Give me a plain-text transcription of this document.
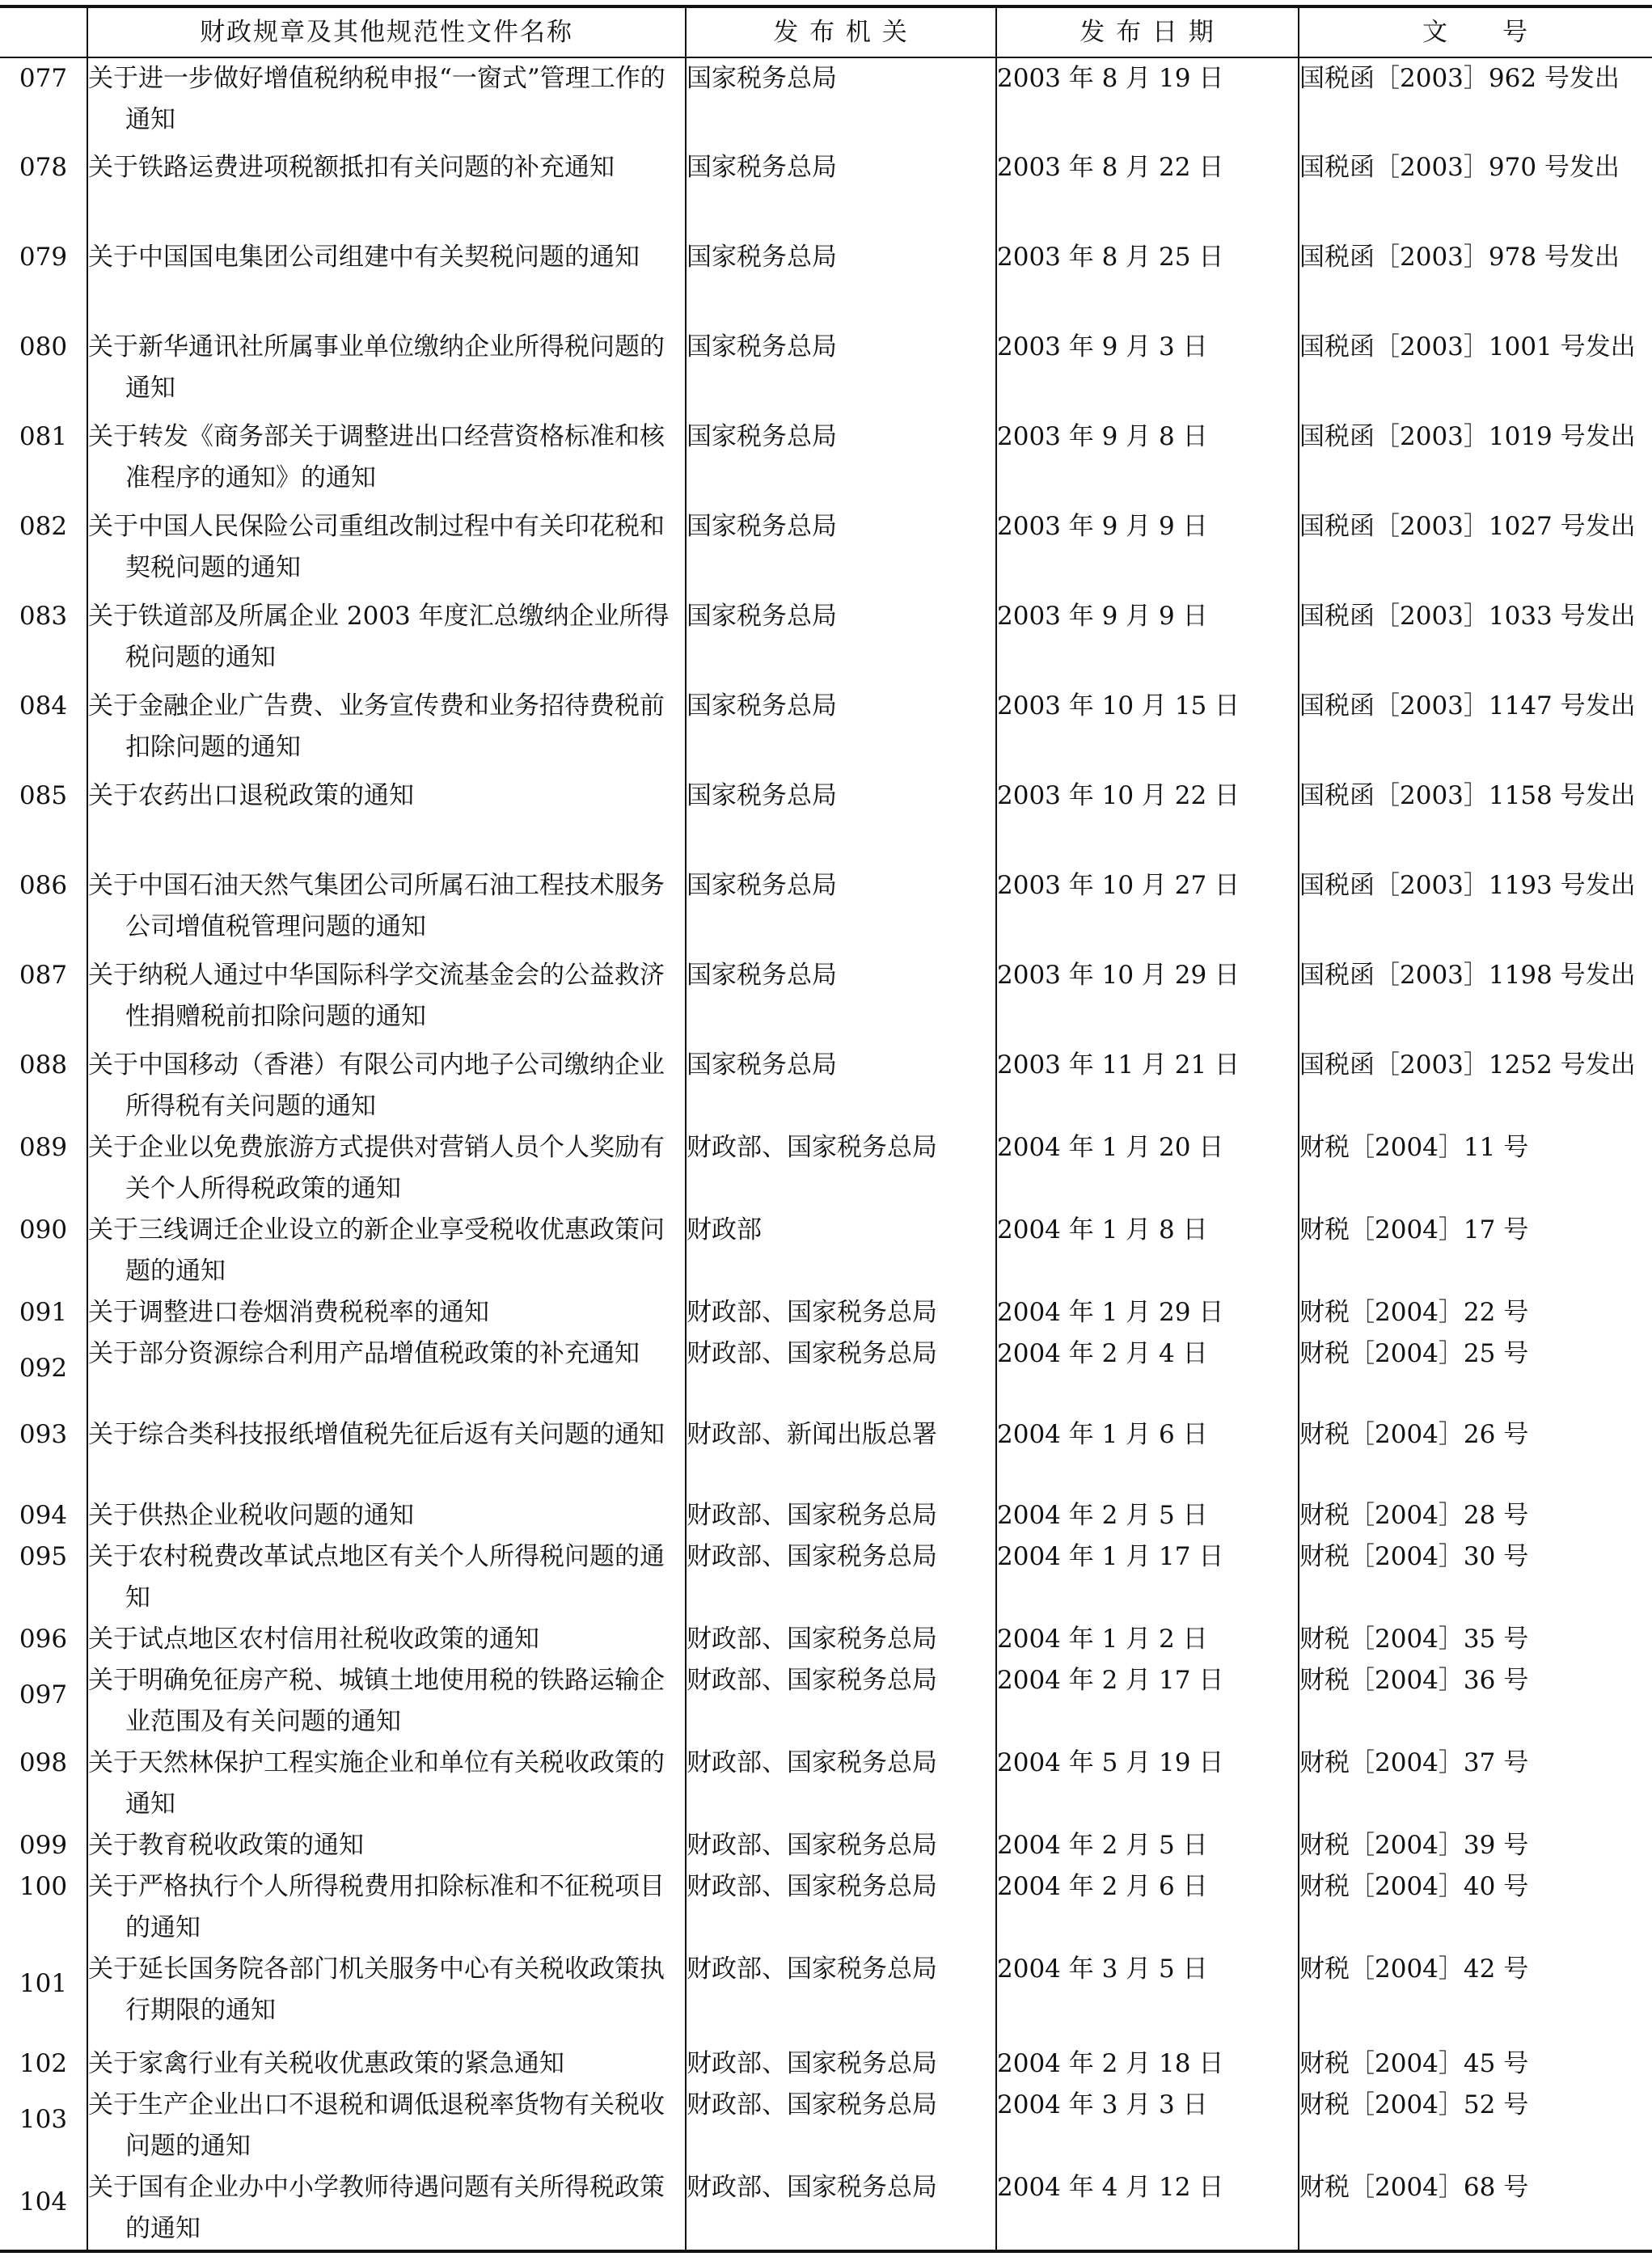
	财政规章及其他规范性文件名称	发 布 机 关	发 布 日 期	文　　号
077	关于进一步做好增值税纳税申报“一窗式”管理工作的通知	国家税务总局	2003 年 8 月 19 日	国税函［2003］962 号发出

078	关于铁路运费进项税额抵扣有关问题的补充通知	国家税务总局	2003 年 8 月 22 日	国税函［2003］970 号发出

079	关于中国国电集团公司组建中有关契税问题的通知	国家税务总局	2003 年 8 月 25 日	国税函［2003］978 号发出

080	关于新华通讯社所属事业单位缴纳企业所得税问题的通知	国家税务总局	2003 年 9 月 3 日	国税函［2003］1001 号发出

081	关于转发《商务部关于调整进出口经营资格标准和核准程序的通知》的通知	国家税务总局	2003 年 9 月 8 日	国税函［2003］1019 号发出

082	关于中国人民保险公司重组改制过程中有关印花税和契税问题的通知	国家税务总局	2003 年 9 月 9 日	国税函［2003］1027 号发出

083	关于铁道部及所属企业 2003 年度汇总缴纳企业所得税问题的通知	国家税务总局	2003 年 9 月 9 日	国税函［2003］1033 号发出

084	关于金融企业广告费、业务宣传费和业务招待费税前扣除问题的通知	国家税务总局	2003 年 10 月 15 日	国税函［2003］1147 号发出

085	关于农药出口退税政策的通知	国家税务总局	2003 年 10 月 22 日	国税函［2003］1158 号发出

086	关于中国石油天然气集团公司所属石油工程技术服务公司增值税管理问题的通知	国家税务总局	2003 年 10 月 27 日	国税函［2003］1193 号发出

087	关于纳税人通过中华国际科学交流基金会的公益救济性捐赠税前扣除问题的通知	国家税务总局	2003 年 10 月 29 日	国税函［2003］1198 号发出

088	关于中国移动（香港）有限公司内地子公司缴纳企业所得税有关问题的通知	国家税务总局	2003 年 11 月 21 日	国税函［2003］1252 号发出

089	关于企业以免费旅游方式提供对营销人员个人奖励有关个人所得税政策的通知	财政部、国家税务总局	2004 年 1 月 20 日	财税［2004］11 号

090	关于三线调迁企业设立的新企业享受税收优惠政策问题的通知	财政部	2004 年 1 月 8 日	财税［2004］17 号

091	关于调整进口卷烟消费税税率的通知	财政部、国家税务总局	2004 年 1 月 29 日	财税［2004］22 号

092	关于部分资源综合利用产品增值税政策的补充通知	财政部、国家税务总局	2004 年 2 月 4 日	财税［2004］25 号

093	关于综合类科技报纸增值税先征后返有关问题的通知	财政部、新闻出版总署	2004 年 1 月 6 日	财税［2004］26 号

094	关于供热企业税收问题的通知	财政部、国家税务总局	2004 年 2 月 5 日	财税［2004］28 号

095	关于农村税费改革试点地区有关个人所得税问题的通知	财政部、国家税务总局	2004 年 1 月 17 日	财税［2004］30 号

096	关于试点地区农村信用社税收政策的通知	财政部、国家税务总局	2004 年 1 月 2 日	财税［2004］35 号

097	关于明确免征房产税、城镇土地使用税的铁路运输企业范围及有关问题的通知	财政部、国家税务总局	2004 年 2 月 17 日	财税［2004］36 号

098	关于天然林保护工程实施企业和单位有关税收政策的通知	财政部、国家税务总局	2004 年 5 月 19 日	财税［2004］37 号

099	关于教育税收政策的通知	财政部、国家税务总局	2004 年 2 月 5 日	财税［2004］39 号

100	关于严格执行个人所得税费用扣除标准和不征税项目的通知	财政部、国家税务总局	2004 年 2 月 6 日	财税［2004］40 号

101	关于延长国务院各部门机关服务中心有关税收政策执行期限的通知	财政部、国家税务总局	2004 年 3 月 5 日	财税［2004］42 号

102	关于家禽行业有关税收优惠政策的紧急通知	财政部、国家税务总局	2004 年 2 月 18 日	财税［2004］45 号

103	关于生产企业出口不退税和调低退税率货物有关税收问题的通知	财政部、国家税务总局	2004 年 3 月 3 日	财税［2004］52 号

104	关于国有企业办中小学教师待遇问题有关所得税政策的通知	财政部、国家税务总局	2004 年 4 月 12 日	财税［2004］68 号
